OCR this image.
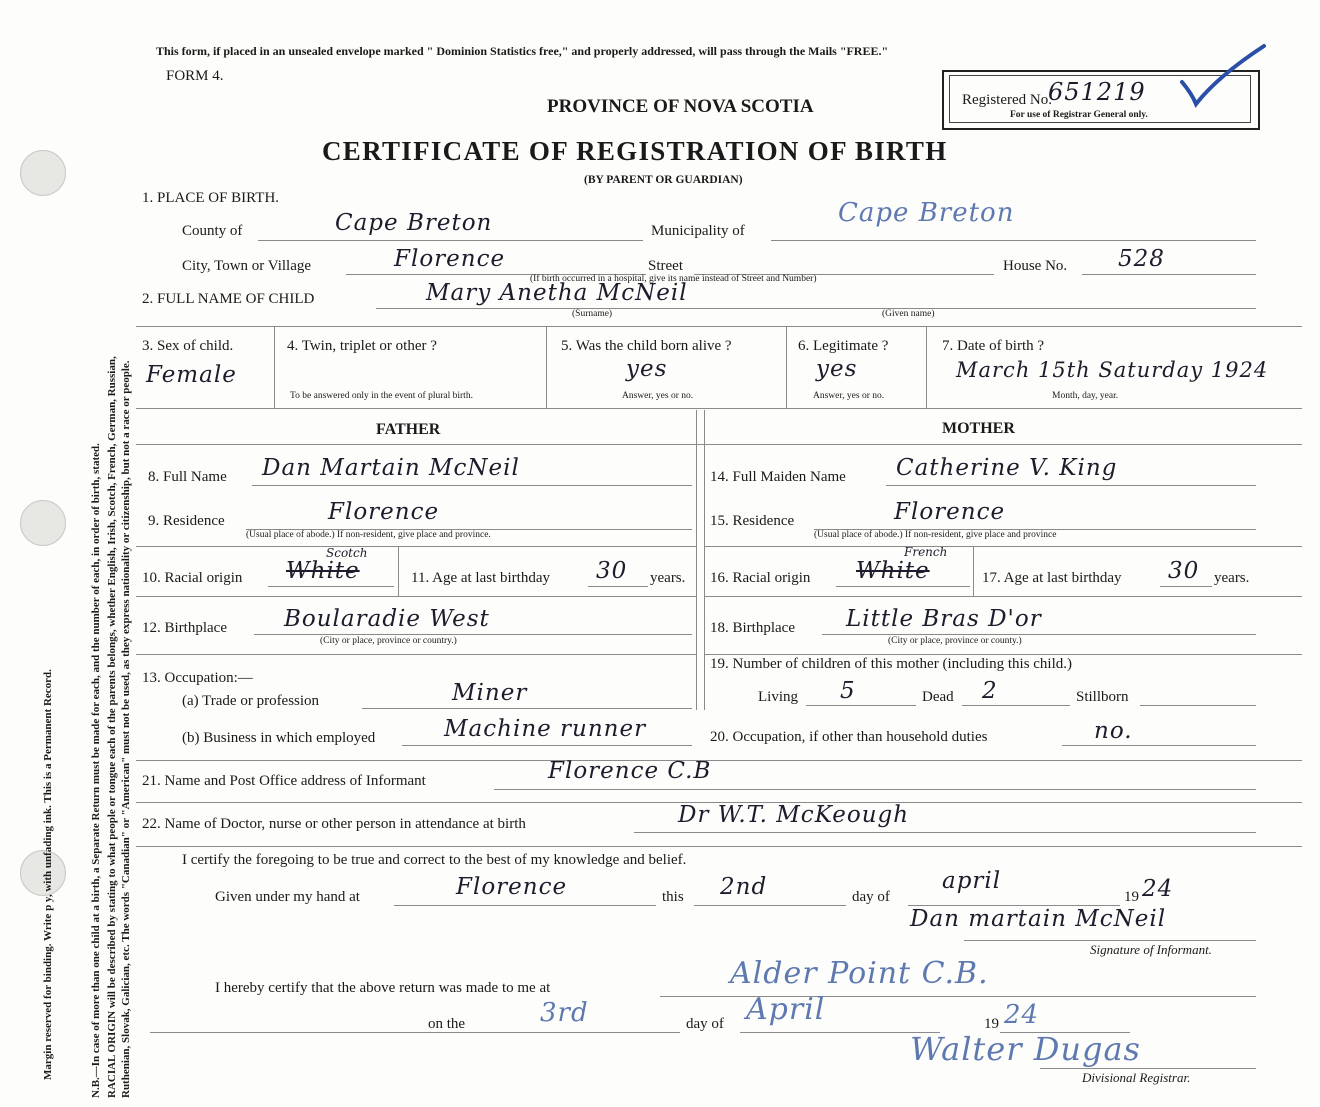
N.B.—In case of more than one child at a birth, a Separate Return must be made for each, and the number of each, in order of birth, stated. RACIAL ORIGIN will be described by stating to what people or tongue each of the parents belongs, whether English, Irish, Scotch, French, German, Russian, Ruthenian, Slovak, Galician, etc. The words "Canadian" or "American" must not be used, as they express nationality or citizenship, but not a race or people.
Margin reserved for binding. Write p y, with unfading ink. This is a Permanent Record.
This form, if placed in an unsealed envelope marked " Dominion Statistics free," and properly addressed, will pass through the Mails "FREE."
FORM 4.
PROVINCE OF NOVA SCOTIA
CERTIFICATE OF REGISTRATION OF BIRTH
(BY PARENT OR GUARDIAN)
Registered No.
651219
For use of Registrar General only.
1. PLACE OF BIRTH.
County of	Cape Breton	Municipality of
Cape Breton
City, Town or Village	Florence	Street
(If birth occurred in a hospital, give its name instead of Street and Number)
House No. 528
2. FULL NAME OF CHILD	Mary Anetha McNeil
(Surname)	(Given name)
3. Sex of child.
Female
4. Twin, triplet or other ?
To be answered only in the event of plural birth.
5. Was the child born alive ?
yes
Answer, yes or no.
6. Legitimate ?
yes
Answer, yes or no.
7. Date of birth ?
March 15th Saturday 1924
Month, day, year.
FATHER	MOTHER
8. Full Name Dan Martain McNeil
9. Residence	Florence
(Usual place of abode.) If non-resident, give place and province.
10. Racial origin White
Scotch
11. Age at last birthday 30 years.
12. Birthplace Boularadie West
(City or place, province or country.)
13. Occupation:—
(a) Trade or profession	Miner
(b) Business in which employed	Machine runner
14. Full Maiden Name Catherine V. King
15. Residence	Florence
(Usual place of abode.) If non-resident, give place and province
16. Racial origin White
French
17. Age at last birthday 30 years.
18. Birthplace Little Bras D'or
(City or place, province or county.)
19. Number of children of this mother (including this child.)
Living 5	Dead 2	Stillborn
20. Occupation, if other than household duties	no.
21. Name and Post Office address of Informant	Florence C.B
22. Name of Doctor, nurse or other person in attendance at birth	Dr W.T. McKeough
I certify the foregoing to be true and correct to the best of my knowledge and belief.
Given under my hand at	Florence	this 2nd	day of
april
19 24
Dan martain McNeil
Signature of Informant.
I hereby certify that the above return was made to me at	Alder Point C.B.
on the	3rd	day of April	19 24
Walter Dugas
Divisional Registrar.
